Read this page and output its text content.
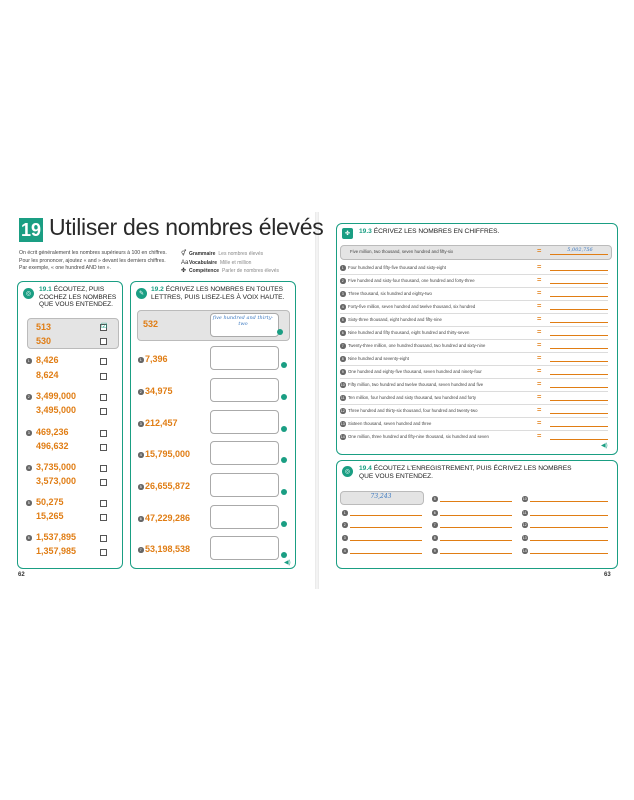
19 Utiliser des nombres élevés
On écrit généralement les nombres supérieurs à 100 en chiffres. Pour les prononcer, ajoutez « and » devant les derniers chiffres. Par exemple, « one hundred AND ten ».
⚥ Grammaire Les nombres élevés
Aa Vocabulaire Mille et million
✤ Compétence Parler de nombres élevés
◎
19.1 ÉCOUTEZ, PUIS COCHEZ LES NOMBRES QUE VOUS ENTENDEZ.
513
530
☑
1 8,426
8,624
2 3,499,000
3,495,000
3 469,236
496,632
4 3,735,000
3,573,000
5 50,275
15,265
6 1,537,895
1,357,985
✎
19.2 ÉCRIVEZ LES NOMBRES EN TOUTES LETTRES, PUIS LISEZ-LES À VOIX HAUTE.
532
five hundred and thirty-two
1 7,396
2 34,975
3 212,457
4 15,795,000
5 26,655,872
6 47,229,286
7 53,198,538
◀)
62
✤	19.3 ÉCRIVEZ LES NOMBRES EN CHIFFRES.
Five million, two thousand, seven hundred and fifty-six	=	5,002,756
1 Four hundred and fifty-five thousand and sixty-eight	=
2 Five hundred and sixty-four thousand, one hundred and forty-three	=
3 Three thousand, six hundred and eighty-two	=
4 Forty-five million, seven hundred and twelve thousand, six hundred	=
5 Sixty-three thousand, eight hundred and fifty-nine	=
6 Nine hundred and fifty thousand, eight hundred and thirty-seven	=
7 Twenty-three million, one hundred thousand, two hundred and sixty-nine	=
8 Nine hundred and seventy-eight	=
9 One hundred and eighty-five thousand, seven hundred and ninety-four	=
10 Fifty million, two hundred and twelve thousand, seven hundred and five	=
11 Ten million, four hundred and sixty thousand, two hundred and forty	=
12 Three hundred and thirty-six thousand, four hundred and twenty-two	=
13 Sixteen thousand, seven hundred and three	=
14 One million, three hundred and fifty-nine thousand, six hundred and seven	=
◀)
◎	19.4 ÉCOUTEZ L’ENREGISTREMENT, PUIS ÉCRIVEZ LES NOMBRES QUE VOUS ENTENDEZ.
73,243
1
2
3
4
5
6
7
8
9
10
11
12
13
14
63
